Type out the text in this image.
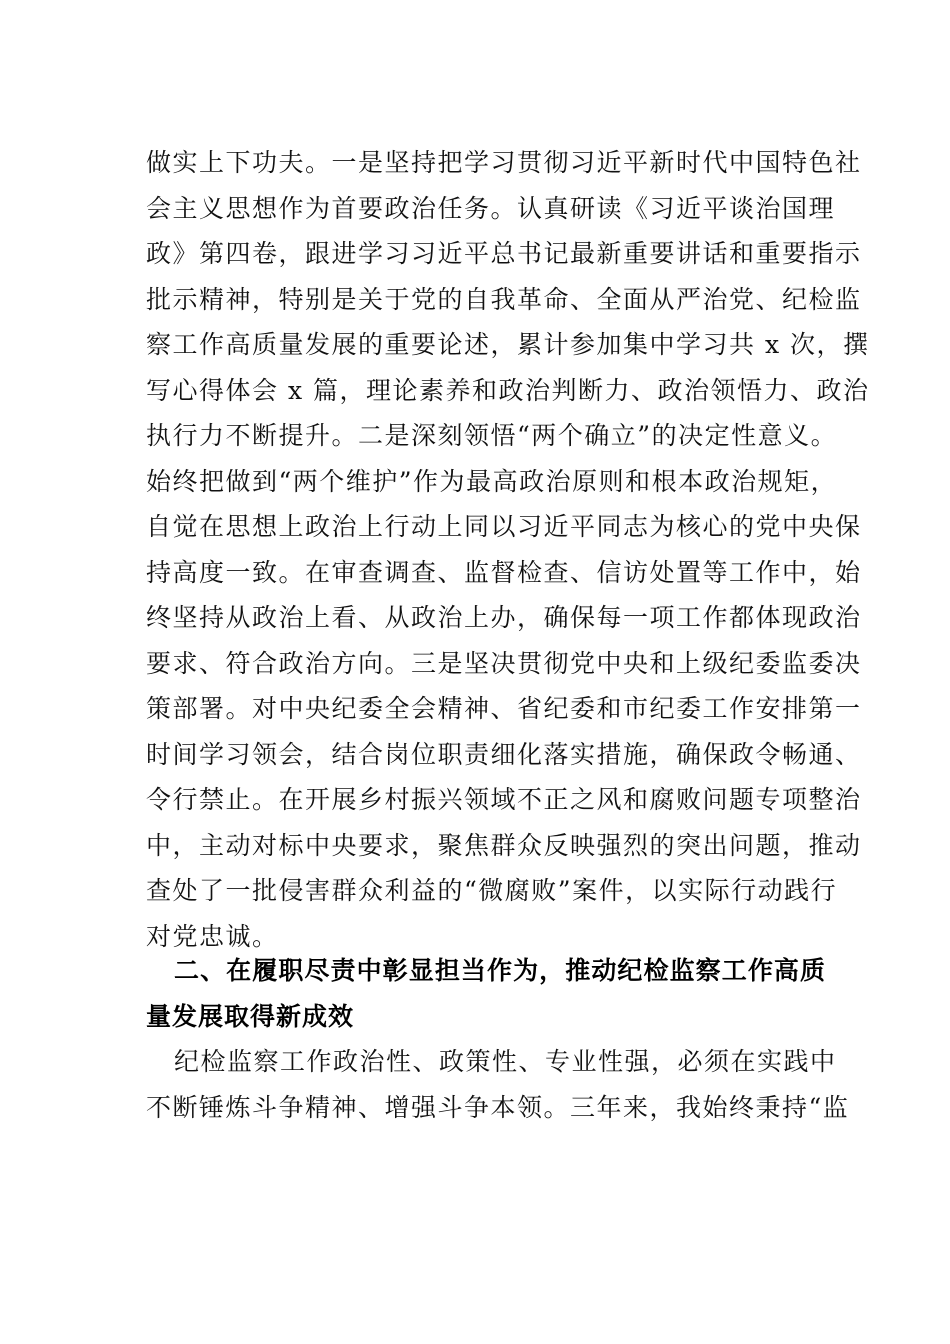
做实上下功夫。一是坚持把学习贯彻习近平新时代中国特色社
会主义思想作为首要政治任务。认真研读《习近平谈治国理
政》第四卷，跟进学习习近平总书记最新重要讲话和重要指示
批示精神，特别是关于党的自我革命、全面从严治党、纪检监
察工作高质量发展的重要论述，累计参加集中学习共 x 次，撰
写心得体会 x 篇，理论素养和政治判断力、政治领悟力、政治
执行力不断提升。二是深刻领悟“两个确立”的决定性意义。
始终把做到“两个维护”作为最高政治原则和根本政治规矩，
自觉在思想上政治上行动上同以习近平同志为核心的党中央保
持高度一致。在审查调查、监督检查、信访处置等工作中，始
终坚持从政治上看、从政治上办，确保每一项工作都体现政治
要求、符合政治方向。三是坚决贯彻党中央和上级纪委监委决
策部署。对中央纪委全会精神、省纪委和市纪委工作安排第一
时间学习领会，结合岗位职责细化落实措施，确保政令畅通、
令行禁止。在开展乡村振兴领域不正之风和腐败问题专项整治
中，主动对标中央要求，聚焦群众反映强烈的突出问题，推动
查处了一批侵害群众利益的“微腐败”案件，以实际行动践行
对党忠诚。
二、在履职尽责中彰显担当作为，推动纪检监察工作高质
量发展取得新成效
纪检监察工作政治性、政策性、专业性强，必须在实践中
不断锤炼斗争精神、增强斗争本领。三年来，我始终秉持“监
